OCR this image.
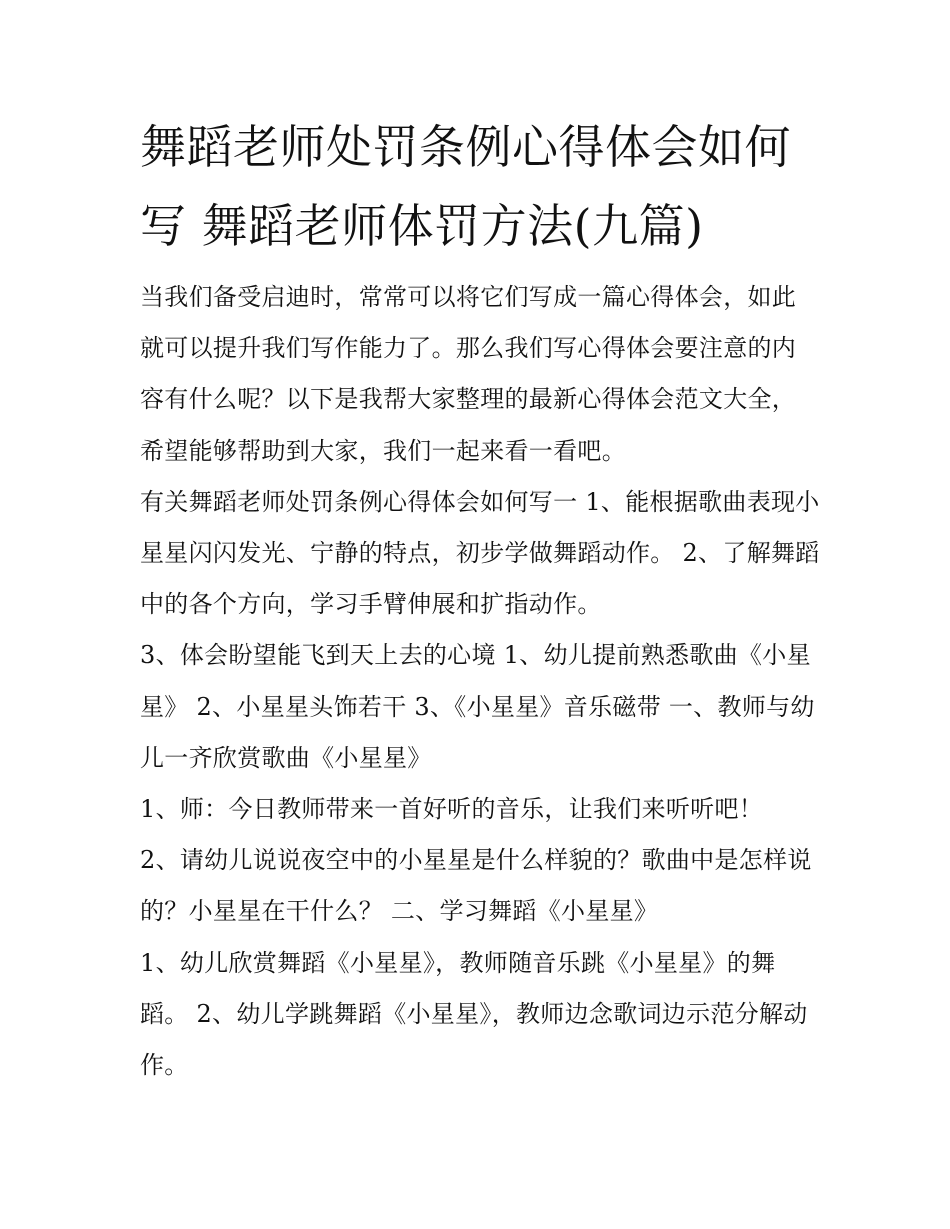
舞蹈老师处罚条例心得体会如何写 舞蹈老师体罚方法(九篇)

当我们备受启迪时，常常可以将它们写成一篇心得体会，如此就可以提升我们写作能力了。那么我们写心得体会要注意的内容有什么呢？以下是我帮大家整理的最新心得体会范文大全，希望能够帮助到大家，我们一起来看一看吧。

有关舞蹈老师处罚条例心得体会如何写一 1、能根据歌曲表现小星星闪闪发光、宁静的特点，初步学做舞蹈动作。 2、了解舞蹈中的各个方向，学习手臂伸展和扩指动作。

3、体会盼望能飞到天上去的心境 1、幼儿提前熟悉歌曲《小星星》 2、小星星头饰若干 3、《小星星》音乐磁带 一、教师与幼儿一齐欣赏歌曲《小星星》

1、师：今日教师带来一首好听的音乐，让我们来听听吧！

2、请幼儿说说夜空中的小星星是什么样貌的？歌曲中是怎样说的？小星星在干什么？ 二、学习舞蹈《小星星》

1、幼儿欣赏舞蹈《小星星》，教师随音乐跳《小星星》的舞蹈。 2、幼儿学跳舞蹈《小星星》，教师边念歌词边示范分解动作。
